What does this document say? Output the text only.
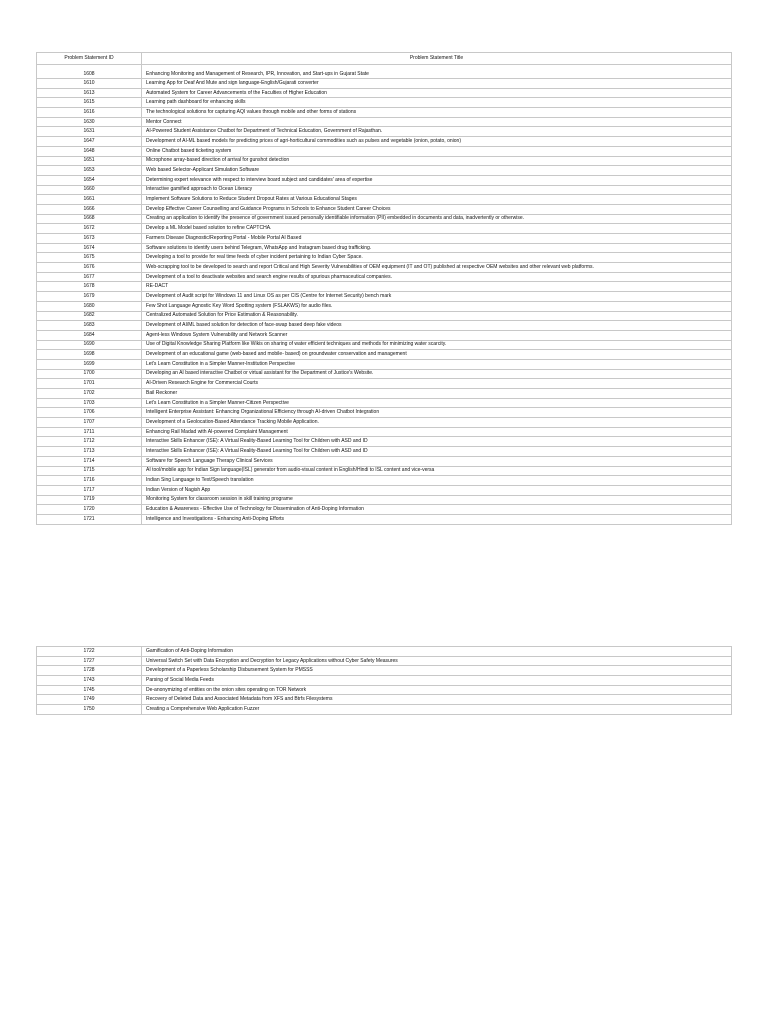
Problem Statement ID	Problem Statement Title
1608	Enhancing Monitoring and Management of Research, IPR, Innovation, and Start-ups in Gujarat State
1610	Learning App for Deaf And Mute and sign language-English/Gujarati converter
1613	Automated System for Career Advancements of the Faculties of Higher Education
1615	Learning path dashboard for enhancing skills
1616	The technological solutions for capturing AQI values through mobile and other forms of stations
1630	Mentor Connect
1631	AI-Powered Student Assistance Chatbot for Department of Technical Education, Government of Rajasthan.
1647	Development of AI-ML based models for predicting prices of agri-horticultural commodities such as pulses and vegetable (onion, potato, onion)
1648	Online Chatbot based ticketing system
1651	Microphone array-based direction of arrival for gunshot detection
1653	Web based Selector-Applicant Simulation Software
1654	Determining expert relevance with respect to interview board subject and candidates' area of expertise
1660	Interactive gamified approach to Ocean Literacy
1661	Implement Software Solutions to Reduce Student Dropout Rates at Various Educational Stages
1666	Develop Effective Career Counselling and Guidance Programs in Schools to Enhance Student Career Choices
1668	Creating an application to identify the presence of government issued personally identifiable information (PII) embedded in documents and data, inadvertently or otherwise.
1672	Develop a ML Model based solution to refine CAPTCHA.
1673	Farmers Disease Diagnostic/Reporting Portal - Mobile Portal AI Based
1674	Software solutions to identify users behind Telegram, WhatsApp and Instagram based drug trafficking.
1675	Developing a tool to provide for real time feeds of cyber incident pertaining to Indian Cyber Space.
1676	Web-scrapping tool to be developed to search and report Critical and High Severity Vulnerabilities of OEM equipment (IT and OT) published at respective OEM websites and other relevant web platforms.
1677	Development of a tool to deactivate websites and search engine results of spurious pharmaceutical companies.
1678	RE-DACT
1679	Development of Audit script for Windows 11 and Linux OS as per CIS (Centre for Internet Security) bench mark
1680	Few Shot Language Agnostic Key Word Spotting system (FSLAKWS) for audio files.
1682	Centralized Automated Solution for Price Estimation & Reasonability.
1683	Development of AI/ML based solution for detection of face-swap based deep fake videos
1684	Agent-less Windows System Vulnerability and Network Scanner
1690	Use of Digital Knowledge Sharing Platform like Wikis on sharing of water efficient techniques and methods for minimizing water scarcity.
1698	Development of an educational game (web-based and mobile- based) on groundwater conservation and management
1699	Let's Learn Constitution in a Simpler Manner-Institution Perspective
1700	Developing an AI based interactive Chatbot or virtual assistant for the Department of Justice's Website.
1701	AI-Driven Research Engine for Commercial Courts
1702	Bail Reckoner
1703	Let's Learn Constitution in a Simpler Manner-Citizen Perspective
1706	Intelligent Enterprise Assistant: Enhancing Organizational Efficiency through AI-driven Chatbot Integration
1707	Development of a Geolocation-Based Attendance Tracking Mobile Application.
1711	Enhancing Rail Madad with AI-powered Complaint Management
1712	Interactive Skills Enhancer (ISE): A Virtual Reality-Based Learning Tool for Children with ASD and ID
1713	Interactive Skills Enhancer (ISE): A Virtual Reality-Based Learning Tool for Children with ASD and ID
1714	Software for Speech Language Therapy Clinical Services
1715	AI tool/mobile app for Indian Sign language(ISL) generator from audio-visual content in English/Hindi to ISL content and vice-versa
1716	Indian Sing Language to Text/Speech translation
1717	Indian Version of Nagish App
1719	Monitoring System for classroom session in skill training programe
1720	Education & Awareness - Effective Use of Technology for Dissemination of Anti-Doping Information
1721	Intelligence and Investigations - Enhancing Anti-Doping Efforts
1722	Gamification of Anti-Doping Information
1727	Universal Switch Set with Data Encryption and Decryption for Legacy Applications without Cyber Safety Measures
1728	Development of a Paperless Scholarship Disbursement System for PMSSS
1743	Parsing of Social Media Feeds
1745	De-anonymizing of entities on the onion sites operating on TOR Network
1749	Recovery of Deleted Data and Associated Metadata from XFS and Btrfs Filesystems
1750	Creating a Comprehensive Web Application Fuzzer
